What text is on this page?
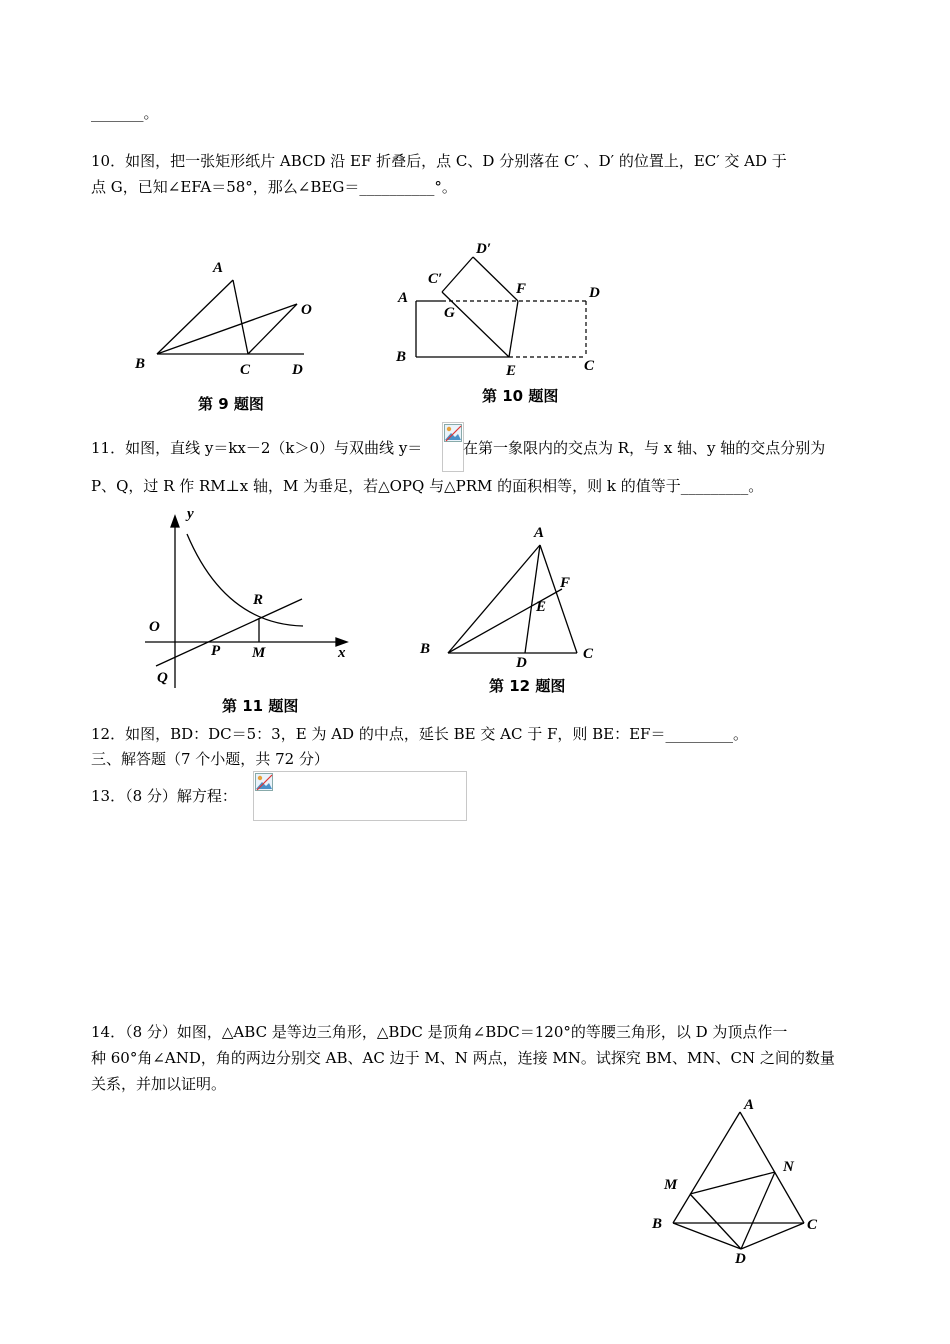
_______。
10．如图，把一张矩形纸片 ABCD 沿 EF 折叠后，点 C、D 分别落在 C′ 、D′ 的位置上，EC′ 交 AD 于
点 G，已知∠EFA＝58°，那么∠BEG＝__________°。
A
O
B	C	D
第 9 题图
D′
C′
A
F	D
G
B
E	C
第 10 题图
11．如图，直线 y＝kx－2（k＞0）与双曲线 y＝	在第一象限内的交点为 R，与 x 轴、y 轴的交点分别为
P、Q，过 R 作 RM⊥x 轴，M 为垂足，若△OPQ 与△PRM 的面积相等，则 k 的值等于_________。
y
R
O
P M	x
Q
第 11 题图
A
F
E
B
D
C
第 12 题图
12．如图，BD：DC＝5：3，E 为 AD 的中点，延长 BE 交 AC 于 F，则 BE：EF＝_________。
三、解答题（7 个小题，共 72 分）
13．（8 分）解方程：
14．（8 分）如图，△ABC 是等边三角形，△BDC 是顶角∠BDC＝120°的等腰三角形，以 D 为顶点作一
种 60°角∠AND，角的两边分别交 AB、AC 边于 M、N 两点，连接 MN。试探究 BM、MN、CN 之间的数量
关系，并加以证明。
A
N
M
B	C
D
